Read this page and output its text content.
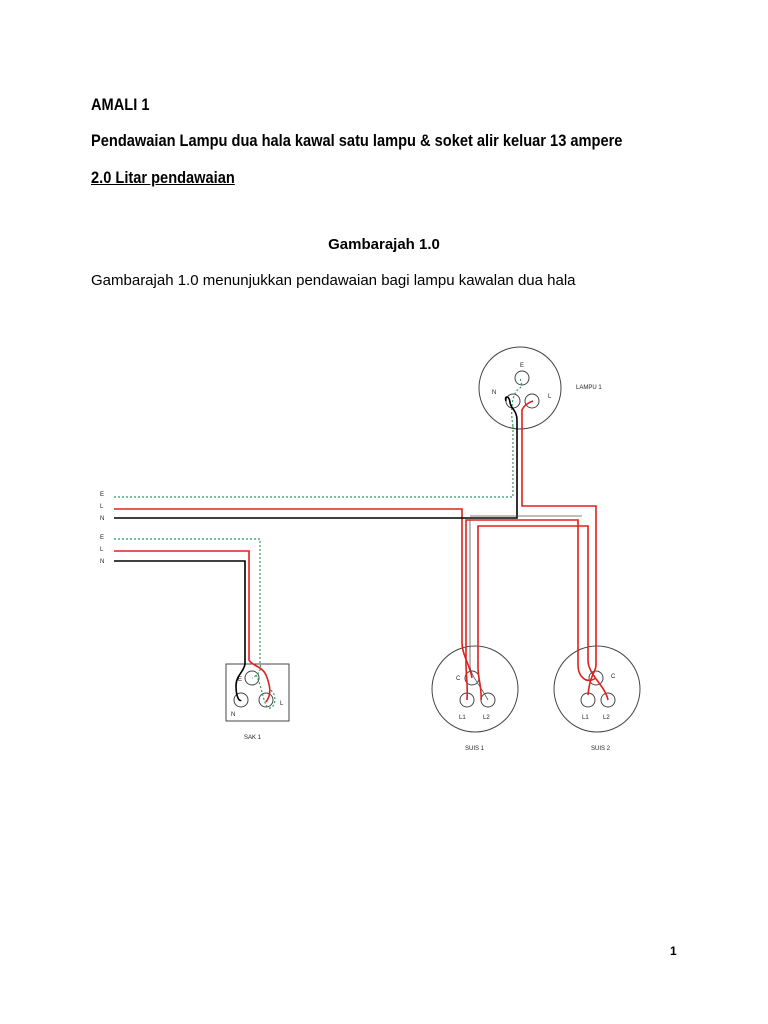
AMALI 1

Pendawaian Lampu dua hala kawal satu lampu & soket alir keluar 13 ampere

2.0 Litar pendawaian

Gambarajah 1.0

Gambarajah 1.0 menunjukkan pendawaian bagi lampu kawalan dua hala

E
N
L
LAMPU 1
E
N
L
SAK 1
C
L1	L2
SUIS 1
C
L1 L2
SUIS 2
E
L
N
E
L
N

1
